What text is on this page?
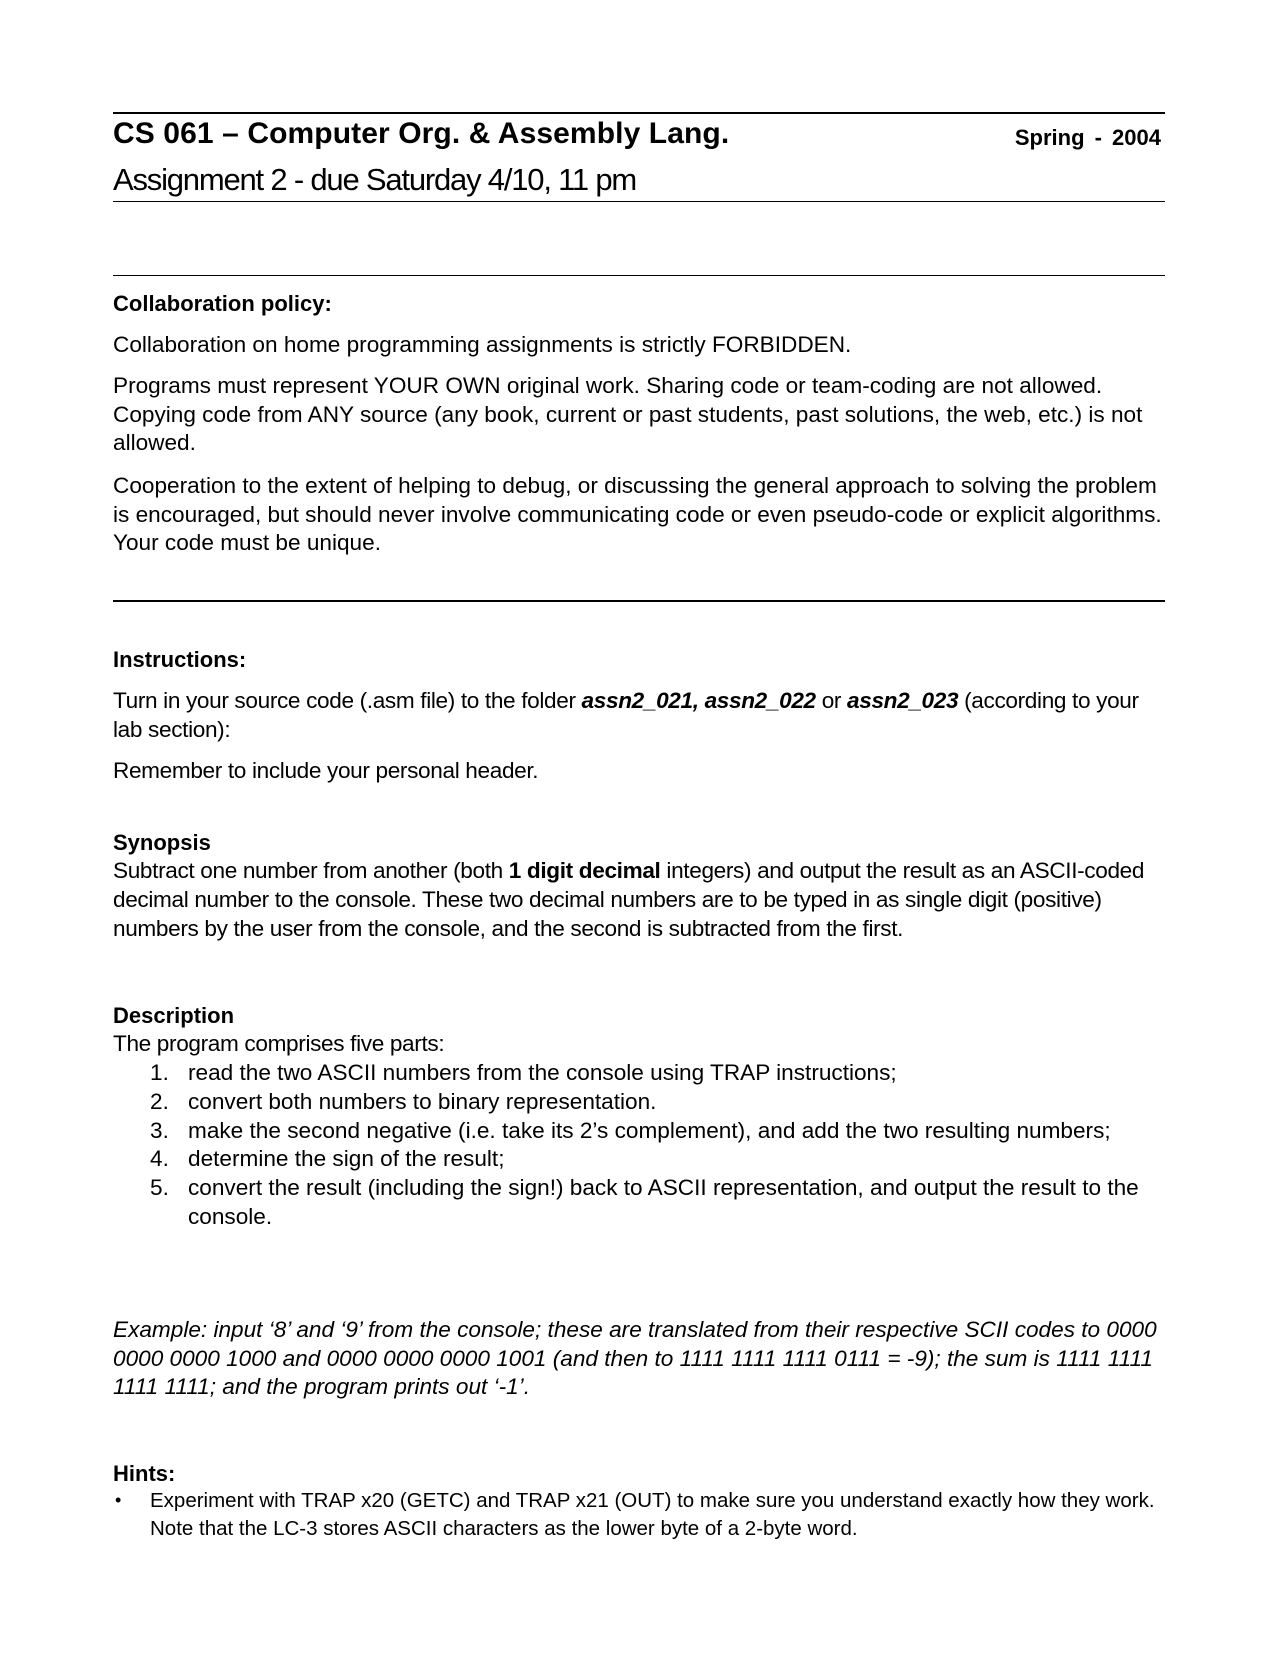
CS 061 – Computer Org. & Assembly Lang.	Spring - 2004
Assignment 2 - due Saturday 4/10, 11 pm
Collaboration policy:
Collaboration on home programming assignments is strictly FORBIDDEN.
Programs must represent YOUR OWN original work. Sharing code or team-coding are not allowed. Copying code from ANY source (any book, current or past students, past solutions, the web, etc.) is not allowed.
Cooperation to the extent of helping to debug, or discussing the general approach to solving the problem is encouraged, but should never involve communicating code or even pseudo-code or explicit algorithms. Your code must be unique.
Instructions:
Turn in your source code (.asm file) to the folder assn2_021, assn2_022 or assn2_023 (according to your lab section):
Remember to include your personal header.
Synopsis
Subtract one number from another (both 1 digit decimal integers) and output the result as an ASCII-coded decimal number to the console. These two decimal numbers are to be typed in as single digit (positive) numbers by the user from the console, and the second is subtracted from the first.
Description
The program comprises five parts:
1. read the two ASCII numbers from the console using TRAP instructions;
2. convert both numbers to binary representation.
3. make the second negative (i.e. take its 2’s complement), and add the two resulting numbers;
4. determine the sign of the result;
5. convert the result (including the sign!) back to ASCII representation, and output the result to the console.
Example: input ‘8’ and ‘9’ from the console; these are translated from their respective SCII codes to 0000 0000 0000 1000 and 0000 0000 0000 1001 (and then to 1111 1111 1111 0111 = -9); the sum is 1111 1111 1111 1111; and the program prints out ‘-1’.
Hints:
• Experiment with TRAP x20 (GETC) and TRAP x21 (OUT) to make sure you understand exactly how they work. Note that the LC-3 stores ASCII characters as the lower byte of a 2-byte word.
